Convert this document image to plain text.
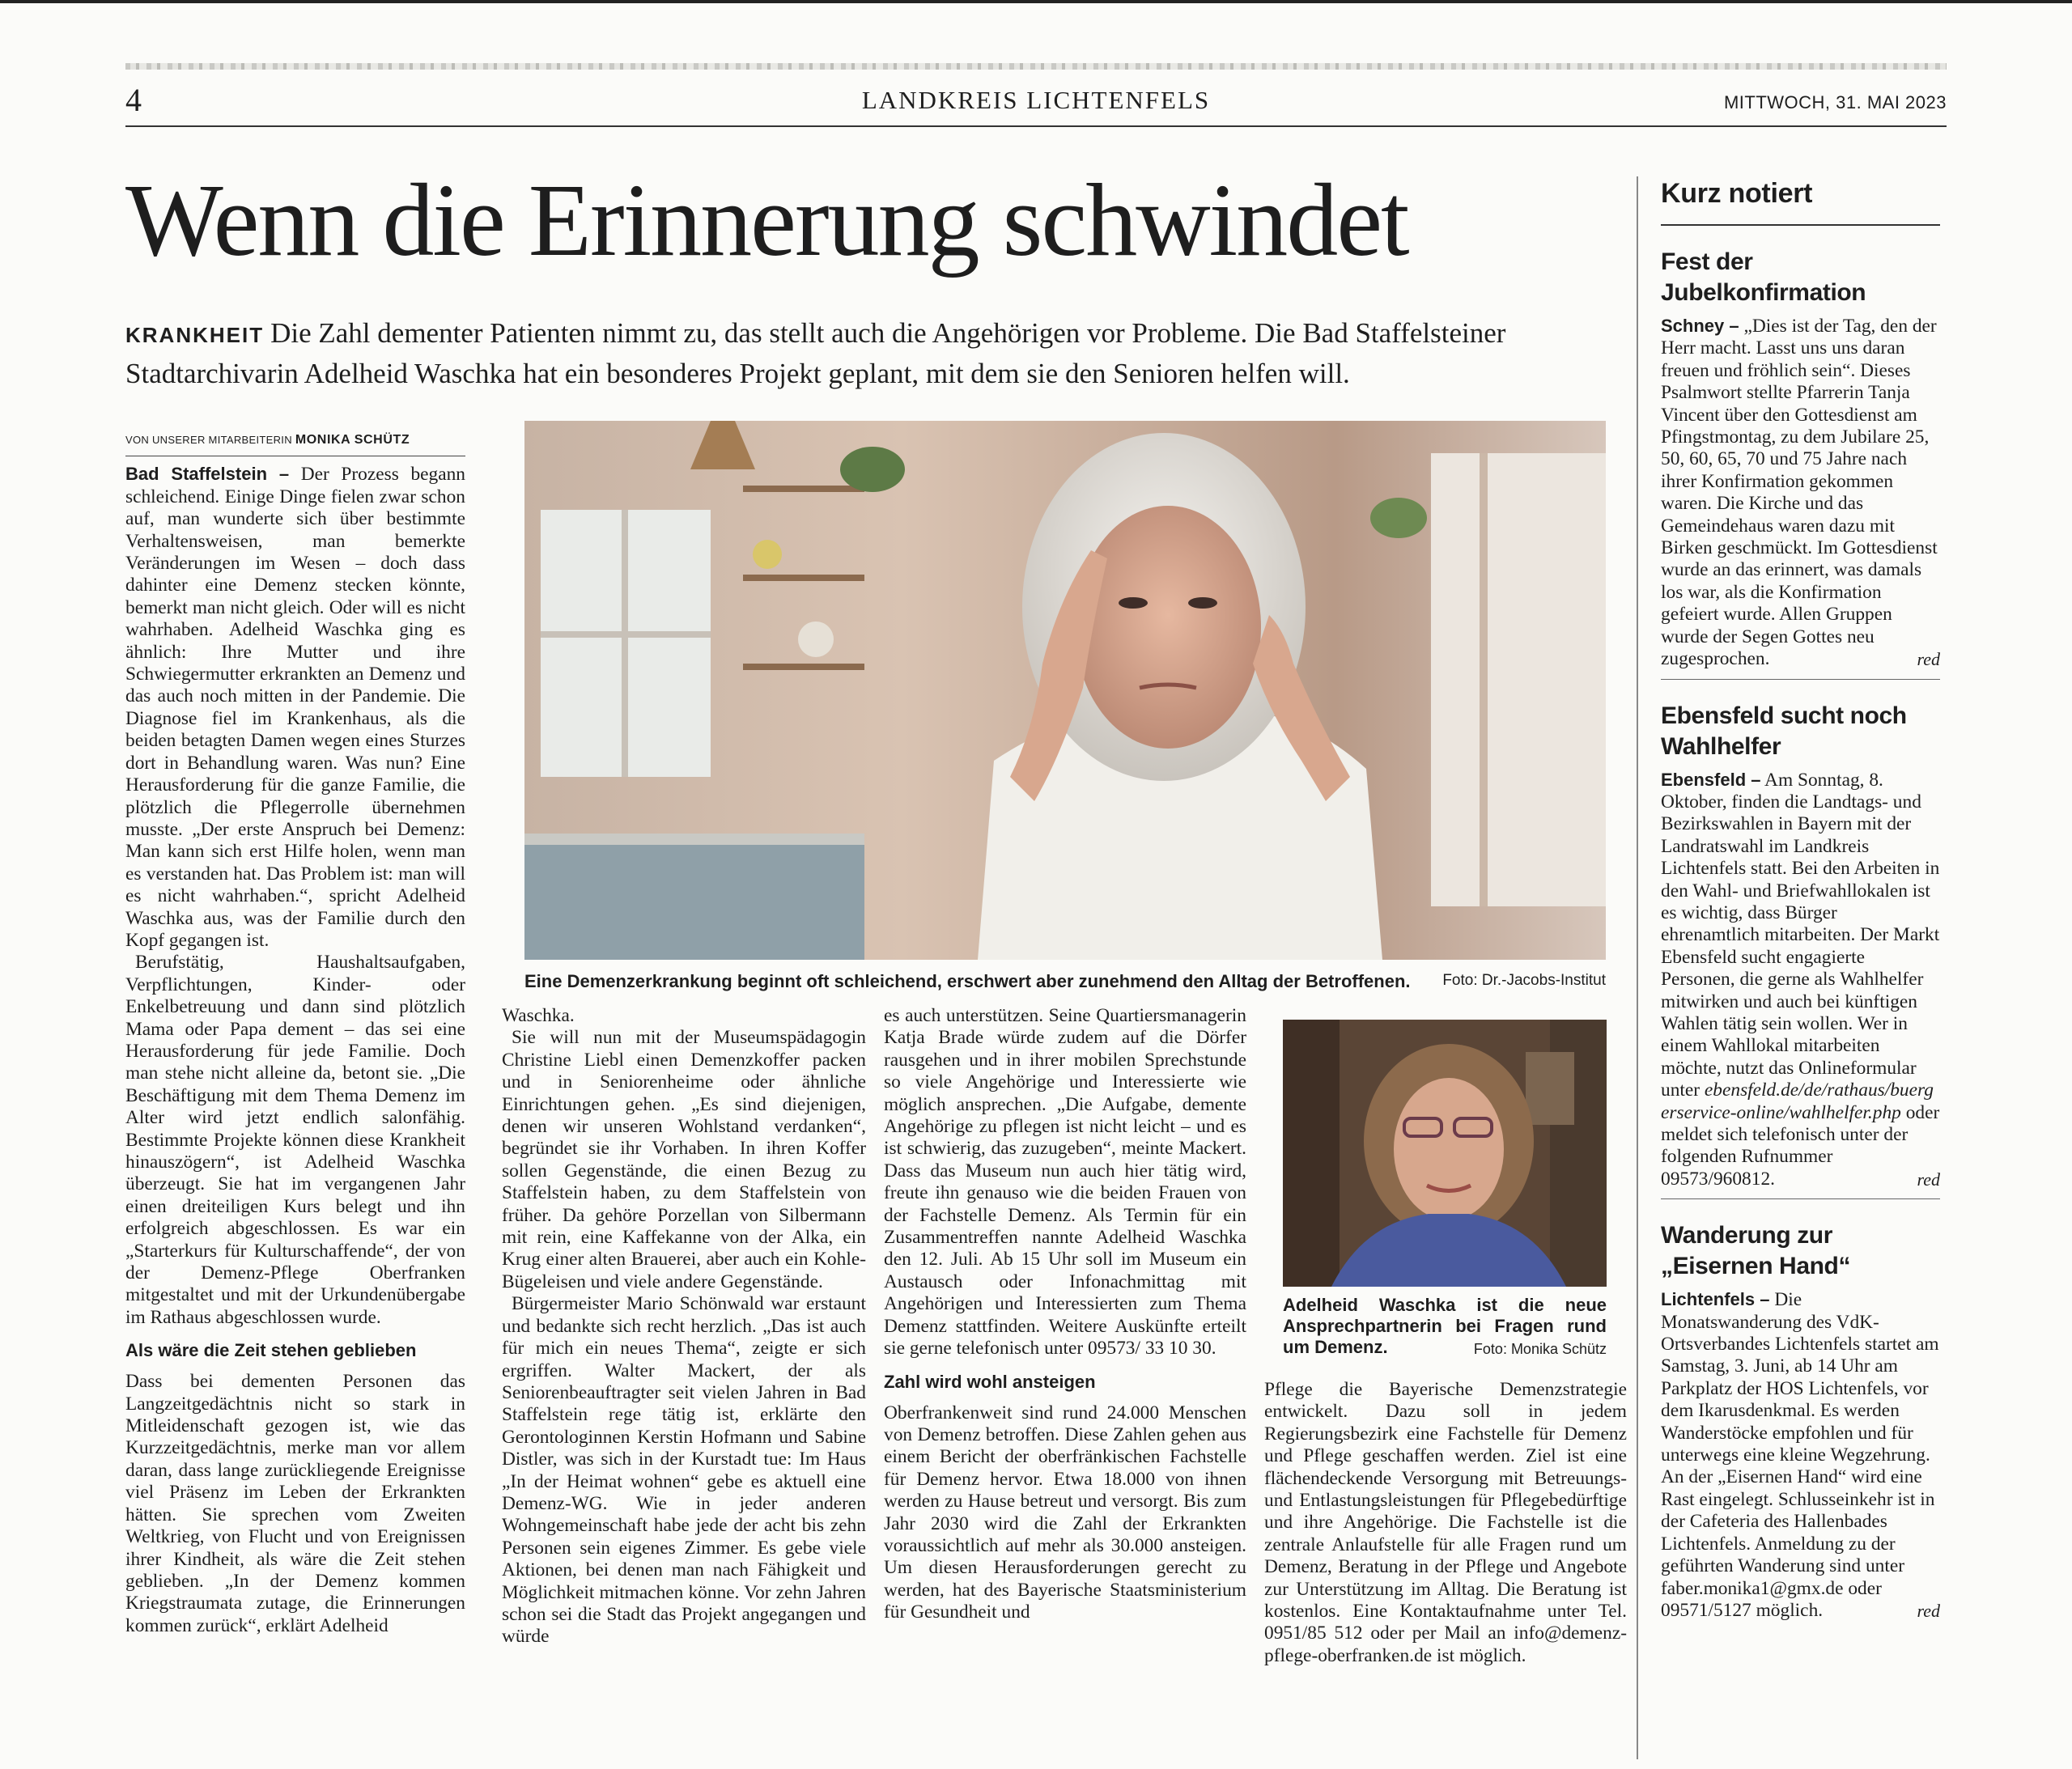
4	LANDKREIS LICHTENFELS	MITTWOCH, 31. MAI 2023
Wenn die Erinnerung schwindet
KRANKHEIT Die Zahl dementer Patienten nimmt zu, das stellt auch die Angehörigen vor Probleme. Die Bad Staffelsteiner Stadtarchivarin Adelheid Waschka hat ein besonderes Projekt geplant, mit dem sie den Senioren helfen will.
VON UNSERER MITARBEITERIN MONIKA SCHÜTZ

Bad Staffelstein – Der Prozess begann schleichend. Einige Dinge fielen zwar schon auf, man wunderte sich über bestimmte Verhaltensweisen, man bemerkte Veränderungen im Wesen – doch dass dahinter eine Demenz stecken könnte, bemerkt man nicht gleich. Oder will es nicht wahrhaben. Adelheid Waschka ging es ähnlich: Ihre Mutter und ihre Schwiegermutter erkrankten an Demenz und das auch noch mitten in der Pandemie. Die Diagnose fiel im Krankenhaus, als die beiden betagten Damen wegen eines Sturzes dort in Behandlung waren. Was nun? Eine Herausforderung für die ganze Familie, die plötzlich die Pflegerrolle übernehmen musste. „Der erste Anspruch bei Demenz: Man kann sich erst Hilfe holen, wenn man es verstanden hat. Das Problem ist: man will es nicht wahrhaben.“, spricht Adelheid Waschka aus, was der Familie durch den Kopf gegangen ist.

Berufstätig, Haushaltsaufgaben, Verpflichtungen, Kinder- oder Enkelbetreuung und dann sind plötzlich Mama oder Papa dement – das sei eine Herausforderung für jede Familie. Doch man stehe nicht alleine da, betont sie. „Die Beschäftigung mit dem Thema Demenz im Alter wird jetzt endlich salonfähig. Bestimmte Projekte können diese Krankheit hinauszögern“, ist Adelheid Waschka überzeugt. Sie hat im vergangenen Jahr einen dreiteiligen Kurs belegt und ihn erfolgreich abgeschlossen. Es war ein „Starterkurs für Kulturschaffende“, der von der Demenz-Pflege Oberfranken mitgestaltet und mit der Urkundenübergabe im Rathaus abgeschlossen wurde.

Als wäre die Zeit stehen geblieben

Dass bei dementen Personen das Langzeitgedächtnis nicht so stark in Mitleidenschaft gezogen ist, wie das Kurzzeitgedächtnis, merke man vor allem daran, dass lange zurückliegende Ereignisse viel Präsenz im Leben der Erkrankten hätten. Sie sprechen vom Zweiten Weltkrieg, von Flucht und von Ereignissen ihrer Kindheit, als wäre die Zeit stehen geblieben. „In der Demenz kommen Kriegstraumata zutage, die Erinnerungen kommen zurück“, erklärt Adelheid

Eine Demenzerkrankung beginnt oft schleichend, erschwert aber zunehmend den Alltag der Betroffenen. Foto: Dr.-Jacobs-Institut

Waschka.

Sie will nun mit der Museumspädagogin Christine Liebl einen Demenzkoffer packen und in Seniorenheime oder ähnliche Einrichtungen gehen. „Es sind diejenigen, denen wir unseren Wohlstand verdanken“, begründet sie ihr Vorhaben. In ihren Koffer sollen Gegenstände, die einen Bezug zu Staffelstein haben, zu dem Staffelstein von früher. Da gehöre Porzellan von Silbermann mit rein, eine Kaffekanne von der Alka, ein Krug einer alten Brauerei, aber auch ein Kohle-Bügeleisen und viele andere Gegenstände.

Bürgermeister Mario Schönwald war erstaunt und bedankte sich recht herzlich. „Das ist auch für mich ein neues Thema“, zeigte er sich ergriffen. Walter Mackert, der als Seniorenbeauftragter seit vielen Jahren in Bad Staffelstein rege tätig ist, erklärte den Gerontologinnen Kerstin Hofmann und Sabine Distler, was sich in der Kurstadt tue: Im Haus „In der Heimat wohnen“ gebe es aktuell eine Demenz-WG. Wie in jeder anderen Wohngemeinschaft habe jede der acht bis zehn Personen sein eigenes Zimmer. Es gebe viele Aktionen, bei denen man nach Fähigkeit und Möglichkeit mitmachen könne. Vor zehn Jahren schon sei die Stadt das Projekt angegangen und würde

es auch unterstützen. Seine Quartiersmanagerin Katja Brade würde zudem auf die Dörfer rausgehen und in ihrer mobilen Sprechstunde so viele Angehörige und Interessierte wie möglich ansprechen. „Die Aufgabe, demente Angehörige zu pflegen ist nicht leicht – und es ist schwierig, das zuzugeben“, meinte Mackert. Dass das Museum nun auch hier tätig wird, freute ihn genauso wie die beiden Frauen von der Fachstelle Demenz. Als Termin für ein Zusammentreffen nannte Adelheid Waschka den 12. Juli. Ab 15 Uhr soll im Museum ein Austausch oder Infonachmittag mit Angehörigen und Interessierten zum Thema Demenz stattfinden. Weitere Auskünfte erteilt sie gerne telefonisch unter 09573/ 33 10 30.

Zahl wird wohl ansteigen

Oberfrankenweit sind rund 24.000 Menschen von Demenz betroffen. Diese Zahlen gehen aus einem Bericht der oberfränkischen Fachstelle für Demenz hervor. Etwa 18.000 von ihnen werden zu Hause betreut und versorgt. Bis zum Jahr 2030 wird die Zahl der Erkrankten voraussichtlich auf mehr als 30.000 ansteigen. Um diesen Herausforderungen gerecht zu werden, hat des Bayerische Staatsministerium für Gesundheit und

Adelheid Waschka ist die neue Ansprechpartnerin bei Fragen rund um Demenz.	Foto: Monika Schütz

Pflege die Bayerische Demenzstrategie entwickelt. Dazu soll in jedem Regierungsbezirk eine Fachstelle für Demenz und Pflege geschaffen werden. Ziel ist eine flächendeckende Versorgung mit Betreuungs- und Entlastungsleistungen für Pflegebedürftige und ihre Angehörige. Die Fachstelle ist die zentrale Anlaufstelle für alle Fragen rund um Demenz, Beratung in der Pflege und Angebote zur Unterstützung im Alltag. Die Beratung ist kostenlos. Eine Kontaktaufnahme unter Tel. 0951/85 512 oder per Mail an info@demenz-pflege-oberfranken.de ist möglich.

Kurz notiert
Fest der Jubelkonfirmation
Schney – „Dies ist der Tag, den der Herr macht. Lasst uns uns daran freuen und fröhlich sein“. Dieses Psalmwort stellte Pfarrerin Tanja Vincent über den Gottesdienst am Pfingstmontag, zu dem Jubilare 25, 50, 60, 65, 70 und 75 Jahre nach ihrer Konfirmation gekommen waren. Die Kirche und das Gemeindehaus waren dazu mit Birken geschmückt. Im Gottesdienst wurde an das erinnert, was damals los war, als die Konfirmation gefeiert wurde. Allen Gruppen wurde der Segen Gottes neu zugesprochen.	red
Ebensfeld sucht noch Wahlhelfer
Ebensfeld – Am Sonntag, 8. Oktober, finden die Landtags- und Bezirkswahlen in Bayern mit der Landratswahl im Landkreis Lichtenfels statt. Bei den Arbeiten in den Wahl- und Briefwahllokalen ist es wichtig, dass Bürger ehrenamtlich mitarbeiten. Der Markt Ebensfeld sucht engagierte Personen, die gerne als Wahlhelfer mitwirken und auch bei künftigen Wahlen tätig sein wollen. Wer in einem Wahllokal mitarbeiten möchte, nutzt das Onlineformular unter ebensfeld.de/de/rathaus/buergerservice-online/wahlhelfer.php oder meldet sich telefonisch unter der folgenden Rufnummer 09573/960812.	red
Wanderung zur „Eisernen Hand“
Lichtenfels – Die Monatswanderung des VdK-Ortsverbandes Lichtenfels startet am Samstag, 3. Juni, ab 14 Uhr am Parkplatz der HOS Lichtenfels, vor dem Ikarusdenkmal. Es werden Wanderstöcke empfohlen und für unterwegs eine kleine Wegzehrung. An der „Eisernen Hand“ wird eine Rast eingelegt. Schlusseinkehr ist in der Cafeteria des Hallenbades Lichtenfels. Anmeldung zu der geführten Wanderung sind unter faber.monika1@gmx.de oder 09571/5127 möglich.	red
